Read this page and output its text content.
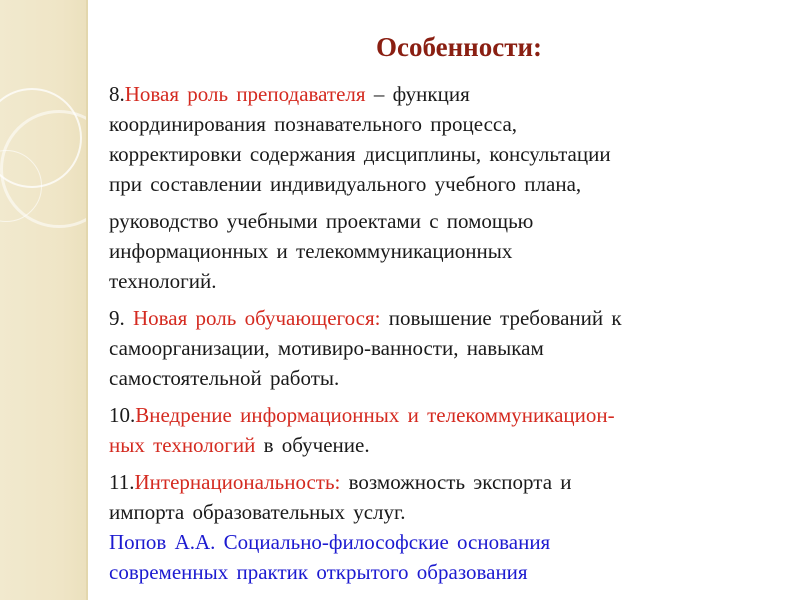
Особенности:

8.Новая роль преподавателя – функция
координирования познавательного процесса,
корректировки содержания дисциплины, консультации
при составлении индивидуального учебного плана,

руководство учебными проектами с помощью
информационных и телекоммуникационных
технологий.

9. Новая роль обучающегося: повышение требований к
самоорганизации, мотивиро-ванности, навыкам
самостоятельной работы.

10.Внедрение информационных и телекоммуникацион-
ных технологий в обучение.

11.Интернациональность: возможность экспорта и
импорта образовательных услуг.

Попов А.А. Социально-философские основания
современных практик открытого образования
